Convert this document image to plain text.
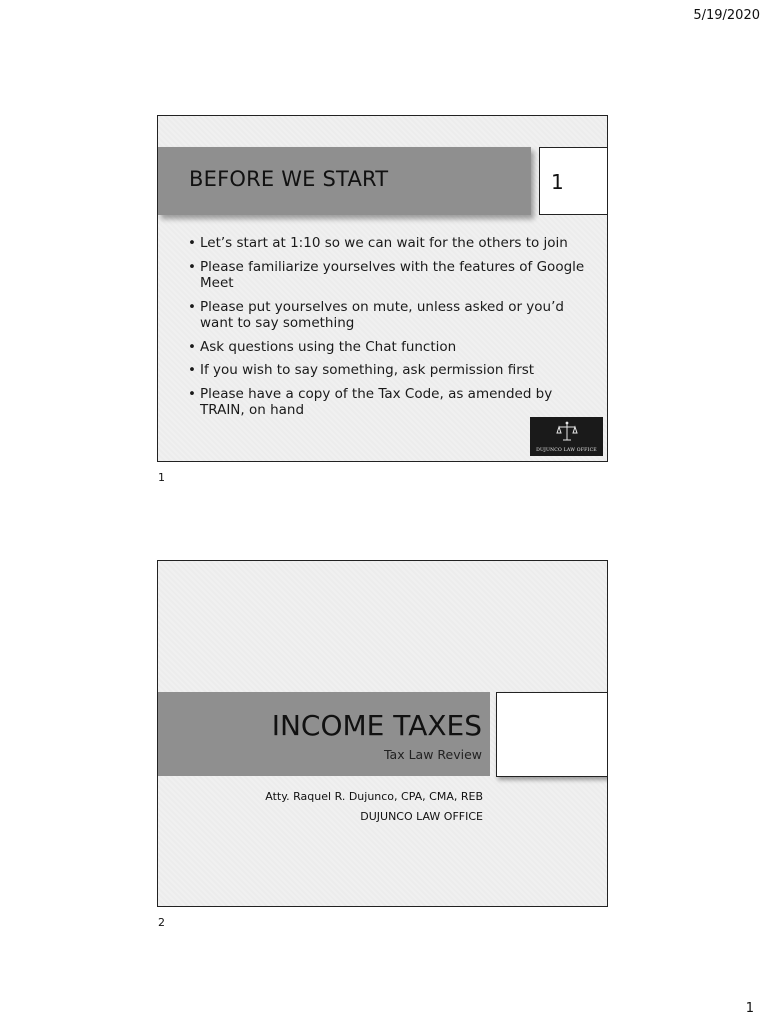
5/19/2020
BEFORE WE START	1
• Let’s start at 1:10 so we can wait for the others to join
• Please familiarize yourselves with the features of Google Meet
• Please put yourselves on mute, unless asked or you’d want to say something
• Ask questions using the Chat function
• If you wish to say something, ask permission first
• Please have a copy of the Tax Code, as amended by TRAIN, on hand
DUJUNCO LAW OFFICE
1
INCOME TAXES
Tax Law Review
Atty. Raquel R. Dujunco, CPA, CMA, REB
DUJUNCO LAW OFFICE
2
1
